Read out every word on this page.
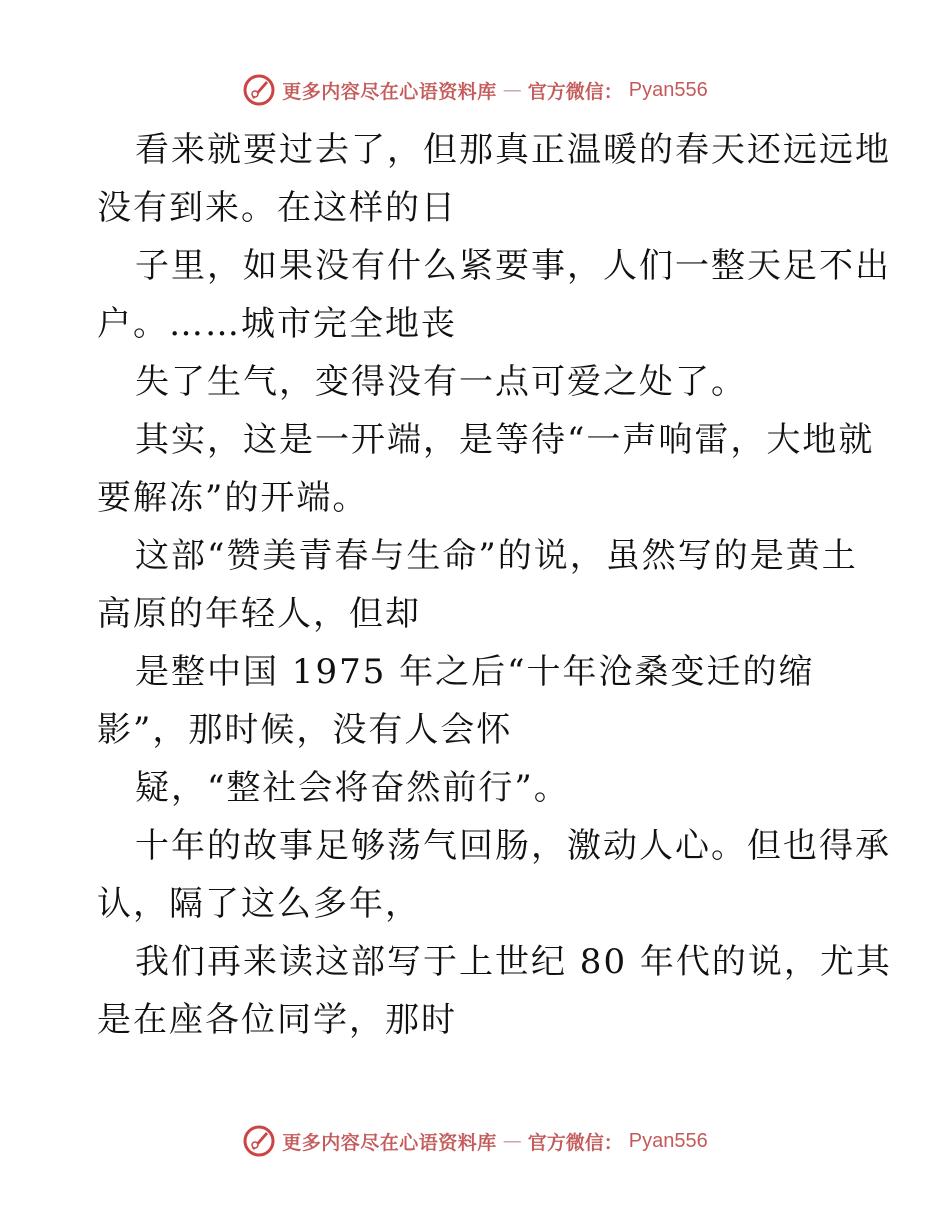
更多内容尽在心语资料库 — 官方微信： Pyan556
看来就要过去了，但那真正温暖的春天还远远地
没有到来。在这样的日
子里，如果没有什么紧要事，人们一整天足不出
户。……城市完全地丧
失了生气，变得没有一点可爱之处了。
其实，这是一开端，是等待“一声响雷，大地就
要解冻”的开端。
这部“赞美青春与生命”的说，虽然写的是黄土
高原的年轻人，但却
是整中国 1975 年之后“十年沧桑变迁的缩
影”，那时候，没有人会怀
疑，“整社会将奋然前行”。
十年的故事足够荡气回肠，激动人心。但也得承
认，隔了这么多年，
我们再来读这部写于上世纪 80 年代的说，尤其
是在座各位同学，那时
更多内容尽在心语资料库 — 官方微信： Pyan556
